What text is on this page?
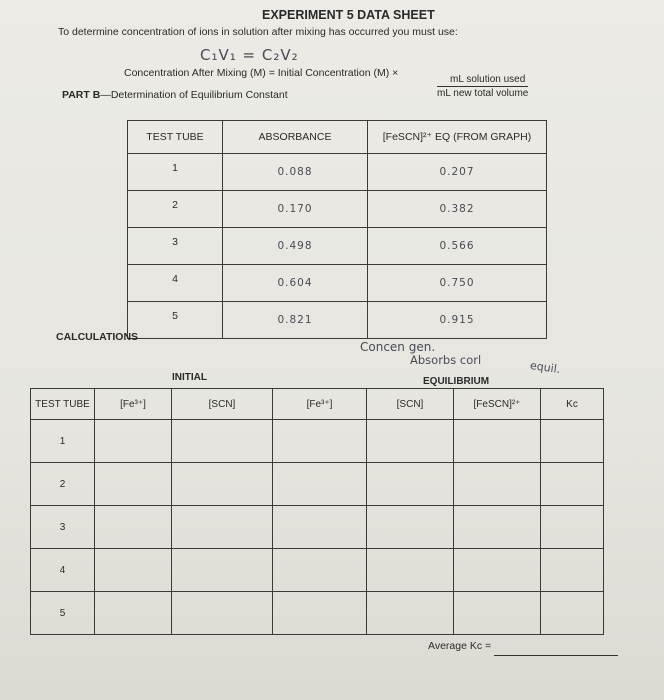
EXPERIMENT 5 DATA SHEET
To determine concentration of ions in solution after mixing has occurred you must use:
C₁V₁ = C₂V₂
Concentration After Mixing (M) = Initial Concentration (M) ×
mL solution used
mL new total volume
PART B—Determination of Equilibrium Constant
TEST TUBE	ABSORBANCE	[FeSCN]²⁺ EQ (FROM GRAPH)
1	0.088	0.207
2	0.170	0.382
3	0.498	0.566
4	0.604	0.750
5	0.821	0.915
CALCULATIONS
Concen gen.
Absorbs corl	equil.
INITIAL	EQUILIBRIUM
TEST TUBE	[Fe³⁺]	[SCN]	[Fe³⁺]	[SCN]	[FeSCN]²⁺	Kc
1						
2						
3						
4						
5						
Average Kc =
